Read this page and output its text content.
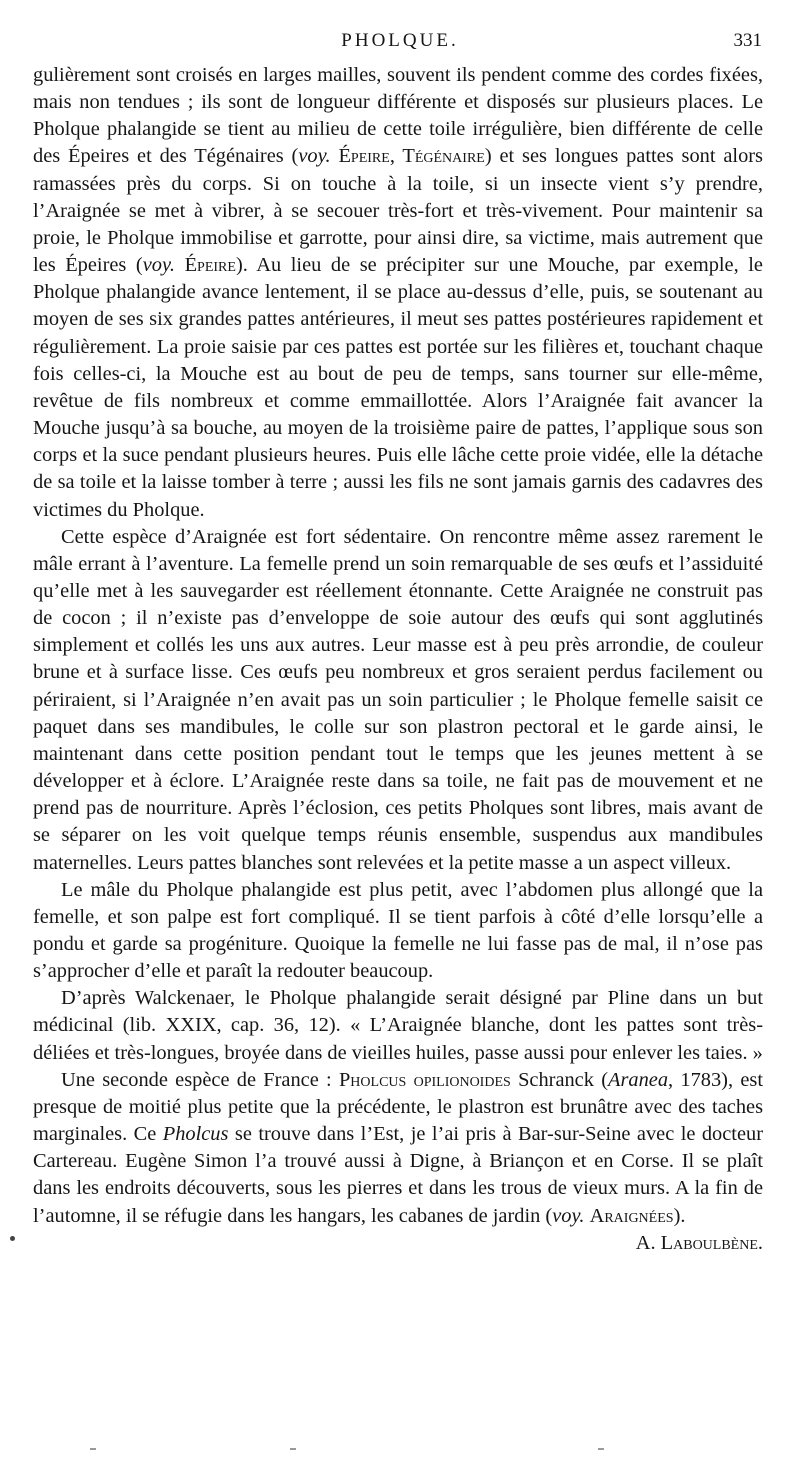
PHOLQUE.	331

gulièrement sont croisés en larges mailles, souvent ils pendent comme des cordes fixées, mais non tendues ; ils sont de longueur différente et disposés sur plusieurs places. Le Pholque phalangide se tient au milieu de cette toile irrégulière, bien différente de celle des Épeires et des Tégénaires (voy. Épeire, Tégénaire) et ses longues pattes sont alors ramassées près du corps. Si on touche à la toile, si un insecte vient s’y prendre, l’Araignée se met à vibrer, à se secouer très-fort et très-vivement. Pour maintenir sa proie, le Pholque immobilise et garrotte, pour ainsi dire, sa victime, mais autrement que les Épeires (voy. Épeire). Au lieu de se précipiter sur une Mouche, par exemple, le Pholque phalangide avance lentement, il se place au-dessus d’elle, puis, se soutenant au moyen de ses six grandes pattes antérieures, il meut ses pattes postérieures rapidement et régulièrement. La proie saisie par ces pattes est portée sur les filières et, touchant chaque fois celles-ci, la Mouche est au bout de peu de temps, sans tourner sur elle-même, revêtue de fils nombreux et comme emmaillottée. Alors l’Araignée fait avancer la Mouche jusqu’à sa bouche, au moyen de la troisième paire de pattes, l’applique sous son corps et la suce pendant plusieurs heures. Puis elle lâche cette proie vidée, elle la détache de sa toile et la laisse tomber à terre ; aussi les fils ne sont jamais garnis des cadavres des victimes du Pholque.

Cette espèce d’Araignée est fort sédentaire. On rencontre même assez rarement le mâle errant à l’aventure. La femelle prend un soin remarquable de ses œufs et l’assiduité qu’elle met à les sauvegarder est réellement étonnante. Cette Araignée ne construit pas de cocon ; il n’existe pas d’enveloppe de soie autour des œufs qui sont agglutinés simplement et collés les uns aux autres. Leur masse est à peu près arrondie, de couleur brune et à surface lisse. Ces œufs peu nombreux et gros seraient perdus facilement ou périraient, si l’Araignée n’en avait pas un soin particulier ; le Pholque femelle saisit ce paquet dans ses mandibules, le colle sur son plastron pectoral et le garde ainsi, le maintenant dans cette position pendant tout le temps que les jeunes mettent à se développer et à éclore. L’Araignée reste dans sa toile, ne fait pas de mouvement et ne prend pas de nourriture. Après l’éclosion, ces petits Pholques sont libres, mais avant de se séparer on les voit quelque temps réunis ensemble, suspendus aux mandibules maternelles. Leurs pattes blanches sont relevées et la petite masse a un aspect villeux.

Le mâle du Pholque phalangide est plus petit, avec l’abdomen plus allongé que la femelle, et son palpe est fort compliqué. Il se tient parfois à côté d’elle lorsqu’elle a pondu et garde sa progéniture. Quoique la femelle ne lui fasse pas de mal, il n’ose pas s’approcher d’elle et paraît la redouter beaucoup.

D’après Walckenaer, le Pholque phalangide serait désigné par Pline dans un but médicinal (lib. XXIX, cap. 36, 12). « L’Araignée blanche, dont les pattes sont très-déliées et très-longues, broyée dans de vieilles huiles, passe aussi pour enlever les taies. »

Une seconde espèce de France : Pholcus opilionoides Schranck (Aranea, 1783), est presque de moitié plus petite que la précédente, le plastron est brunâtre avec des taches marginales. Ce Pholcus se trouve dans l’Est, je l’ai pris à Bar-sur-Seine avec le docteur Cartereau. Eugène Simon l’a trouvé aussi à Digne, à Briançon et en Corse. Il se plaît dans les endroits découverts, sous les pierres et dans les trous de vieux murs. A la fin de l’automne, il se réfugie dans les hangars, les cabanes de jardin (voy. Araignées).
A. Laboulbène.
